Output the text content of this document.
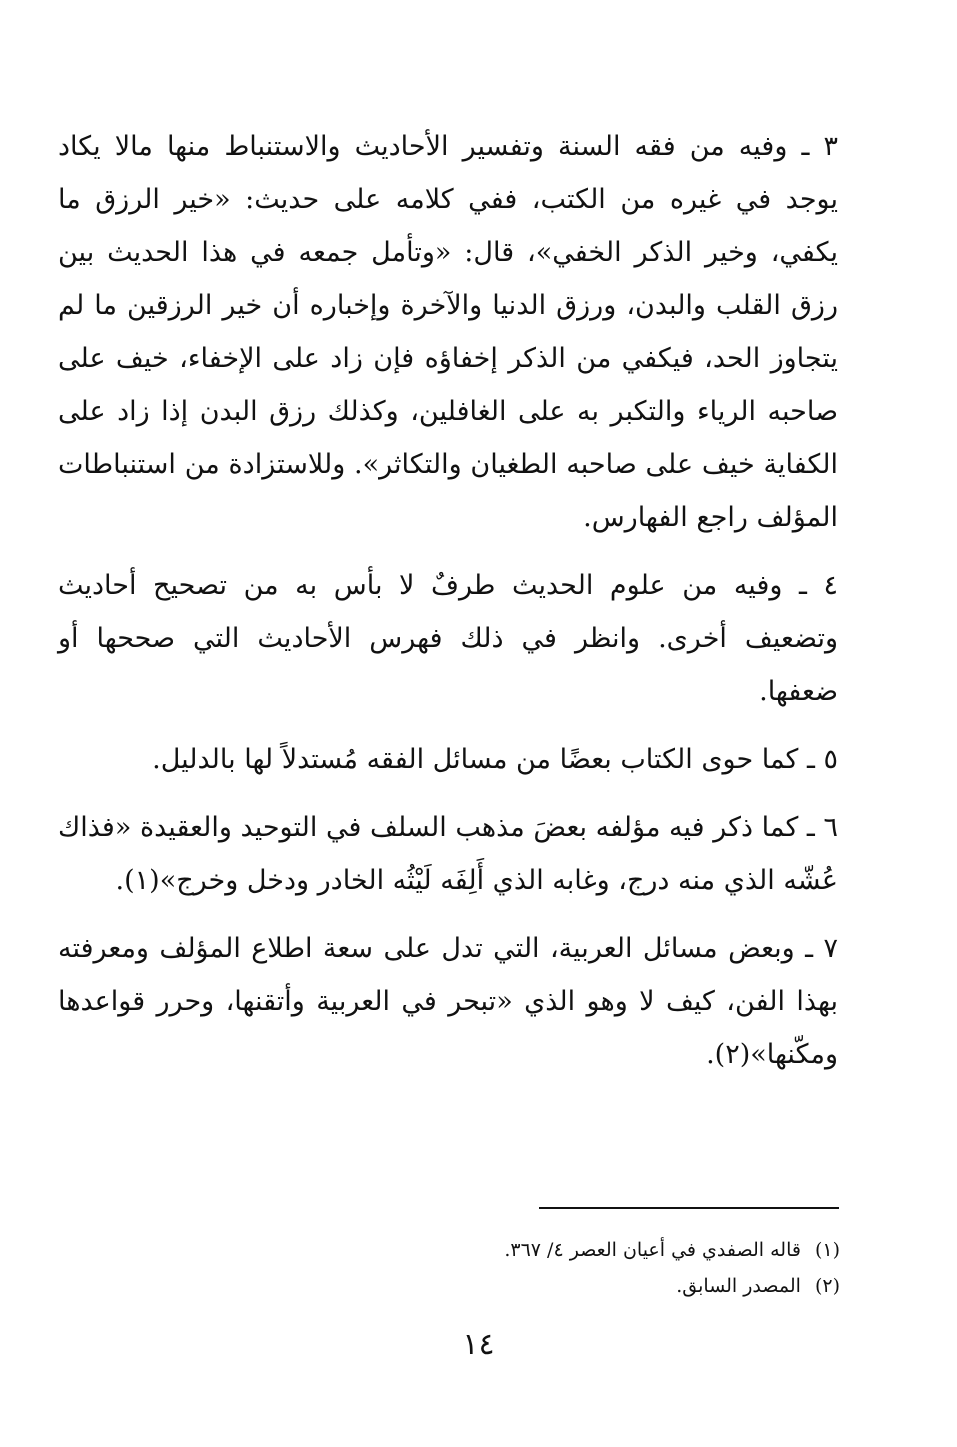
٣ ـ وفيه من فقه السنة وتفسير الأحاديث والاستنباط منها مالا يكاد يوجد في غيره من الكتب، ففي كلامه على حديث: «خير الرزق ما يكفي، وخير الذكر الخفي»، قال: «وتأمل جمعه في هذا الحديث بين رزق القلب والبدن، ورزق الدنيا والآخرة وإخباره أن خير الرزقين ما لم يتجاوز الحد، فيكفي من الذكر إخفاؤه فإن زاد على الإخفاء، خيف على صاحبه الرياء والتكبر به على الغافلين، وكذلك رزق البدن إذا زاد على الكفاية خيف على صاحبه الطغيان والتكاثر». وللاستزادة من استنباطات المؤلف راجع الفهارس.

٤ ـ وفيه من علوم الحديث طرفٌ لا بأس به من تصحيح أحاديث وتضعيف أخرى. وانظر في ذلك فهرس الأحاديث التي صححها أو ضعفها.

٥ ـ كما حوى الكتاب بعضًا من مسائل الفقه مُستدلاً لها بالدليل.

٦ ـ كما ذكر فيه مؤلفه بعضَ مذهب السلف في التوحيد والعقيدة «فذاك عُشّه الذي منه درج، وغابه الذي أَلِفَه لَيْثُه الخادر ودخل وخرج»(١).

٧ ـ وبعض مسائل العربية، التي تدل على سعة اطلاع المؤلف ومعرفته بهذا الفن، كيف لا وهو الذي «تبحر في العربية وأتقنها، وحرر قواعدها ومكّنها»(٢).

(١)قاله الصفدي في أعيان العصر ٤/ ٣٦٧.

(٢)المصدر السابق.

١٤
